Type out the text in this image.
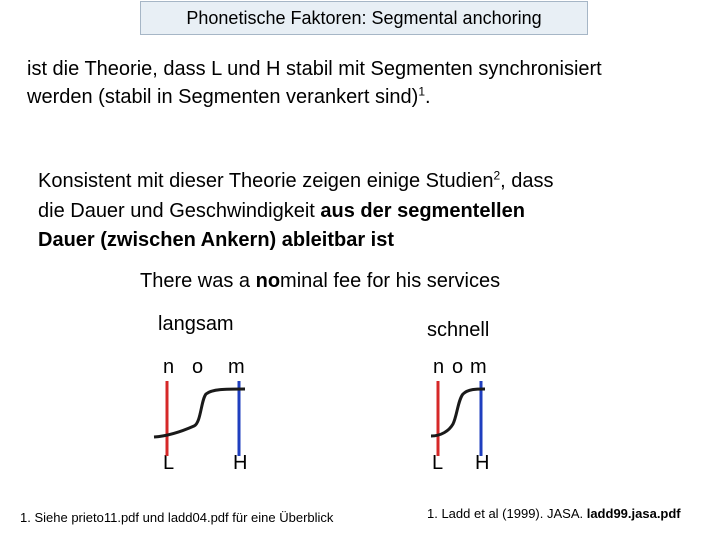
Phonetische Faktoren: Segmental anchoring
ist die Theorie, dass L und H stabil mit Segmenten synchronisiert
werden (stabil in Segmenten verankert sind)$^1$.
Konsistent mit dieser Theorie zeigen einige Studien$^2$, dass
die Dauer und Geschwindigkeit aus der segmentellen
Dauer (zwischen Ankern) ableitbar ist
There was a nominal fee for his services
langsam
n o m
L	H
schnell
n o m
L H
1. Siehe prieto11.pdf und ladd04.pdf für eine Überblick	1. Ladd et al (1999). JASA. ladd99.jasa.pdf
